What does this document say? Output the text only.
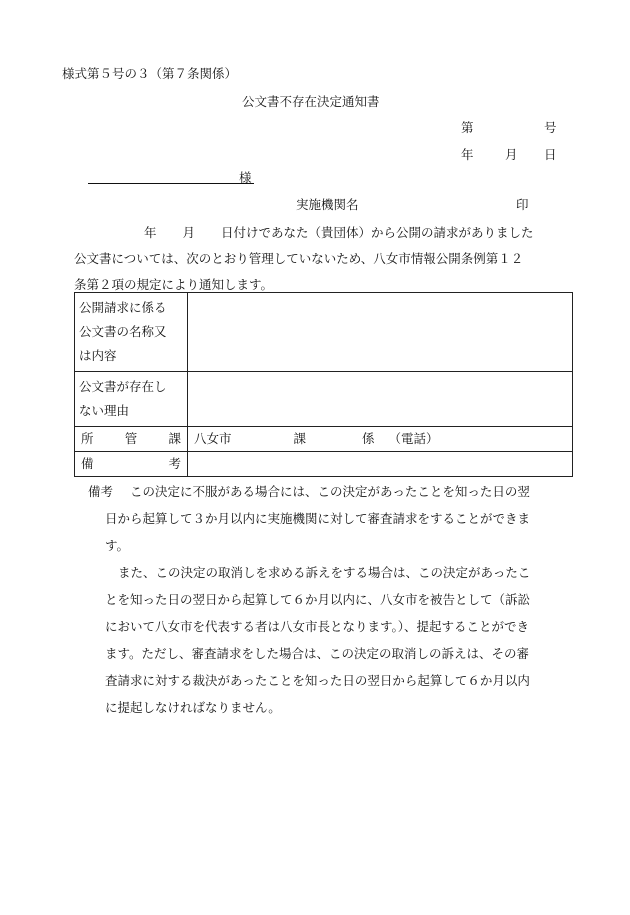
様式第５号の３（第７条関係）
公文書不存在決定通知書
第	号
年	月 日
様
実施機関名	印
年 月 日付けであなた（貴団体）から公開の請求がありました
公文書については、次のとおり管理していないため、八女市情報公開条例第１２
条第２項の規定により通知します。
公開請求に係る
公文書の名称又
は内容	

公文書が存在し
ない理由	

所 管 課	八女市 課 係 （電話）

備 考	

備考 この決定に不服がある場合には、この決定があったことを知った日の翌

日から起算して３か月以内に実施機関に対して審査請求をすることができま

す。

また、この決定の取消しを求める訴えをする場合は、この決定があったこ

とを知った日の翌日から起算して６か月以内に、八女市を被告として（訴訟

において八女市を代表する者は八女市長となります。）、提起することができ

ます。ただし、審査請求をした場合は、この決定の取消しの訴えは、その審

査請求に対する裁決があったことを知った日の翌日から起算して６か月以内

に提起しなければなりません。
